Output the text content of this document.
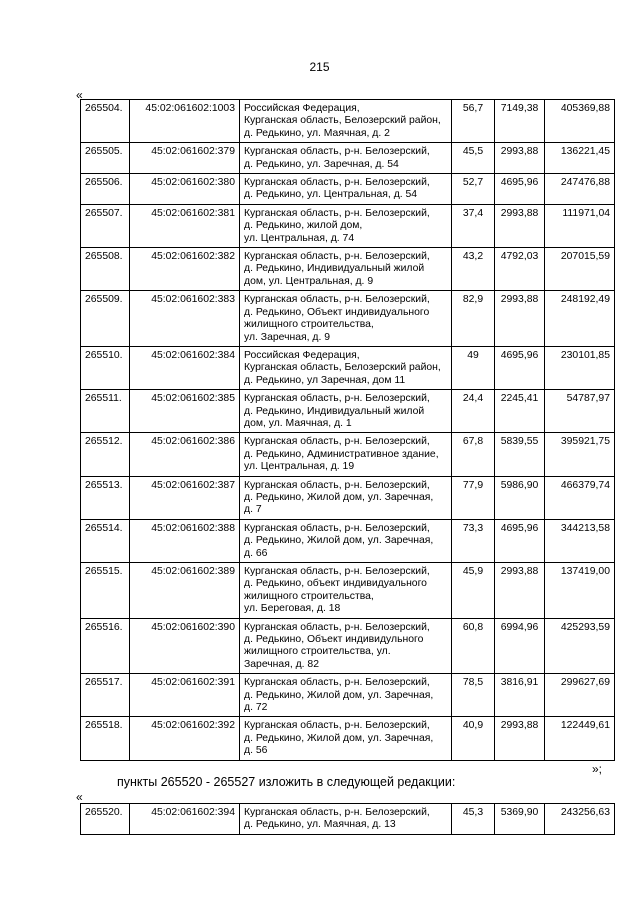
215
«
265504.	45:02:061602:1003	Российская Федерация,
Курганская область, Белозерский район,
д. Редькино, ул. Маячная, д. 2	56,7	7149,38	405369,88
265505.	45:02:061602:379	Курганская область, р-н. Белозерский,
д. Редькино, ул. Заречная, д. 54	45,5	2993,88	136221,45
265506.	45:02:061602:380	Курганская область, р-н. Белозерский,
д. Редькино, ул. Центральная, д. 54	52,7	4695,96	247476,88
265507.	45:02:061602:381	Курганская область, р-н. Белозерский,
д. Редькино, жилой дом,
ул. Центральная, д. 74	37,4	2993,88	111971,04
265508.	45:02:061602:382	Курганская область, р-н. Белозерский,
д. Редькино, Индивидуальный жилой
дом, ул. Центральная, д. 9	43,2	4792,03	207015,59
265509.	45:02:061602:383	Курганская область, р-н. Белозерский,
д. Редькино, Объект индивидуального
жилищного строительства,
ул. Заречная, д. 9	82,9	2993,88	248192,49
265510.	45:02:061602:384	Российская Федерация,
Курганская область, Белозерский район,
д. Редькино, ул Заречная, дом 11	49	4695,96	230101,85
265511.	45:02:061602:385	Курганская область, р-н. Белозерский,
д. Редькино, Индивидуальный жилой
дом, ул. Маячная, д. 1	24,4	2245,41	54787,97
265512.	45:02:061602:386	Курганская область, р-н. Белозерский,
д. Редькино, Административное здание,
ул. Центральная, д. 19	67,8	5839,55	395921,75
265513.	45:02:061602:387	Курганская область, р-н. Белозерский,
д. Редькино, Жилой дом, ул. Заречная,
д. 7	77,9	5986,90	466379,74
265514.	45:02:061602:388	Курганская область, р-н. Белозерский,
д. Редькино, Жилой дом, ул. Заречная,
д. 66	73,3	4695,96	344213,58
265515.	45:02:061602:389	Курганская область, р-н. Белозерский,
д. Редькино, объект индивидуального
жилищного строительства,
ул. Береговая, д. 18	45,9	2993,88	137419,00
265516.	45:02:061602:390	Курганская область, р-н. Белозерский,
д. Редькино, Объект индивидульного
жилищного строительства, ул.
Заречная, д. 82	60,8	6994,96	425293,59
265517.	45:02:061602:391	Курганская область, р-н. Белозерский,
д. Редькино, Жилой дом, ул. Заречная,
д. 72	78,5	3816,91	299627,69
265518.	45:02:061602:392	Курганская область, р-н. Белозерский,
д. Редькино, Жилой дом, ул. Заречная,
д. 56	40,9	2993,88	122449,61
»;
пункты 265520 - 265527 изложить в следующей редакции:
«
265520.	45:02:061602:394	Курганская область, р-н. Белозерский,
д. Редькино, ул. Маячная, д. 13	45,3	5369,90	243256,63
